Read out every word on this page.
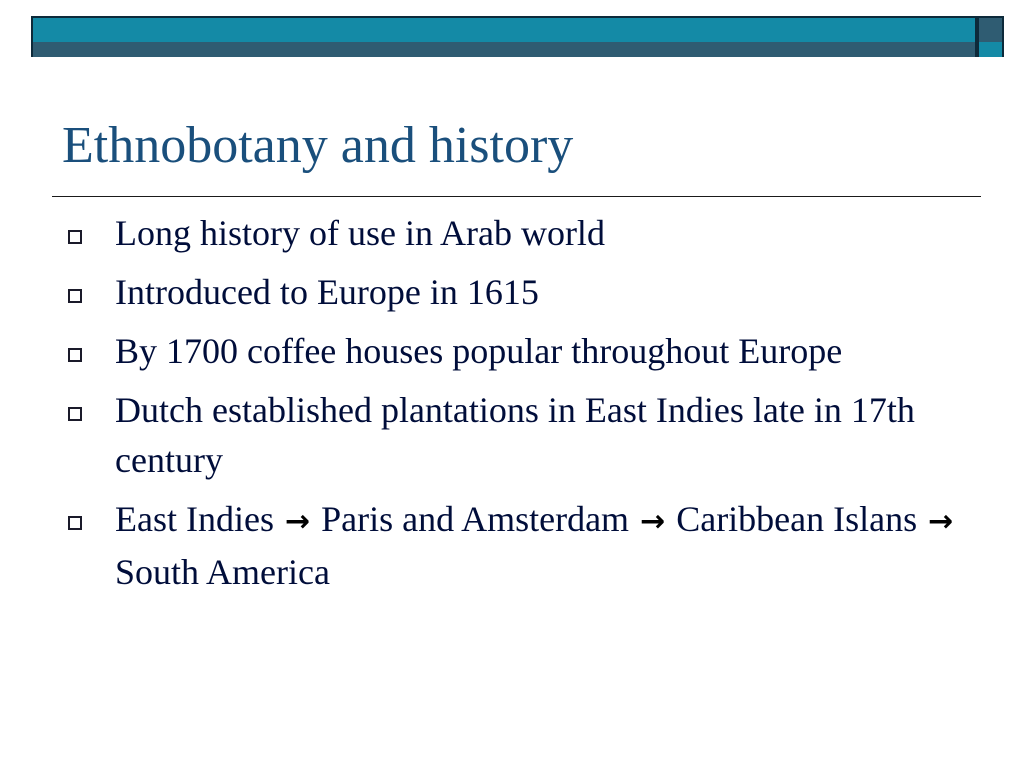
Ethnobotany and history
Long history of use in Arab world
Introduced to Europe in 1615
By 1700 coffee houses popular throughout Europe
Dutch established plantations in East Indies late in 17th century
East Indies → Paris and Amsterdam → Caribbean Islans → South America
